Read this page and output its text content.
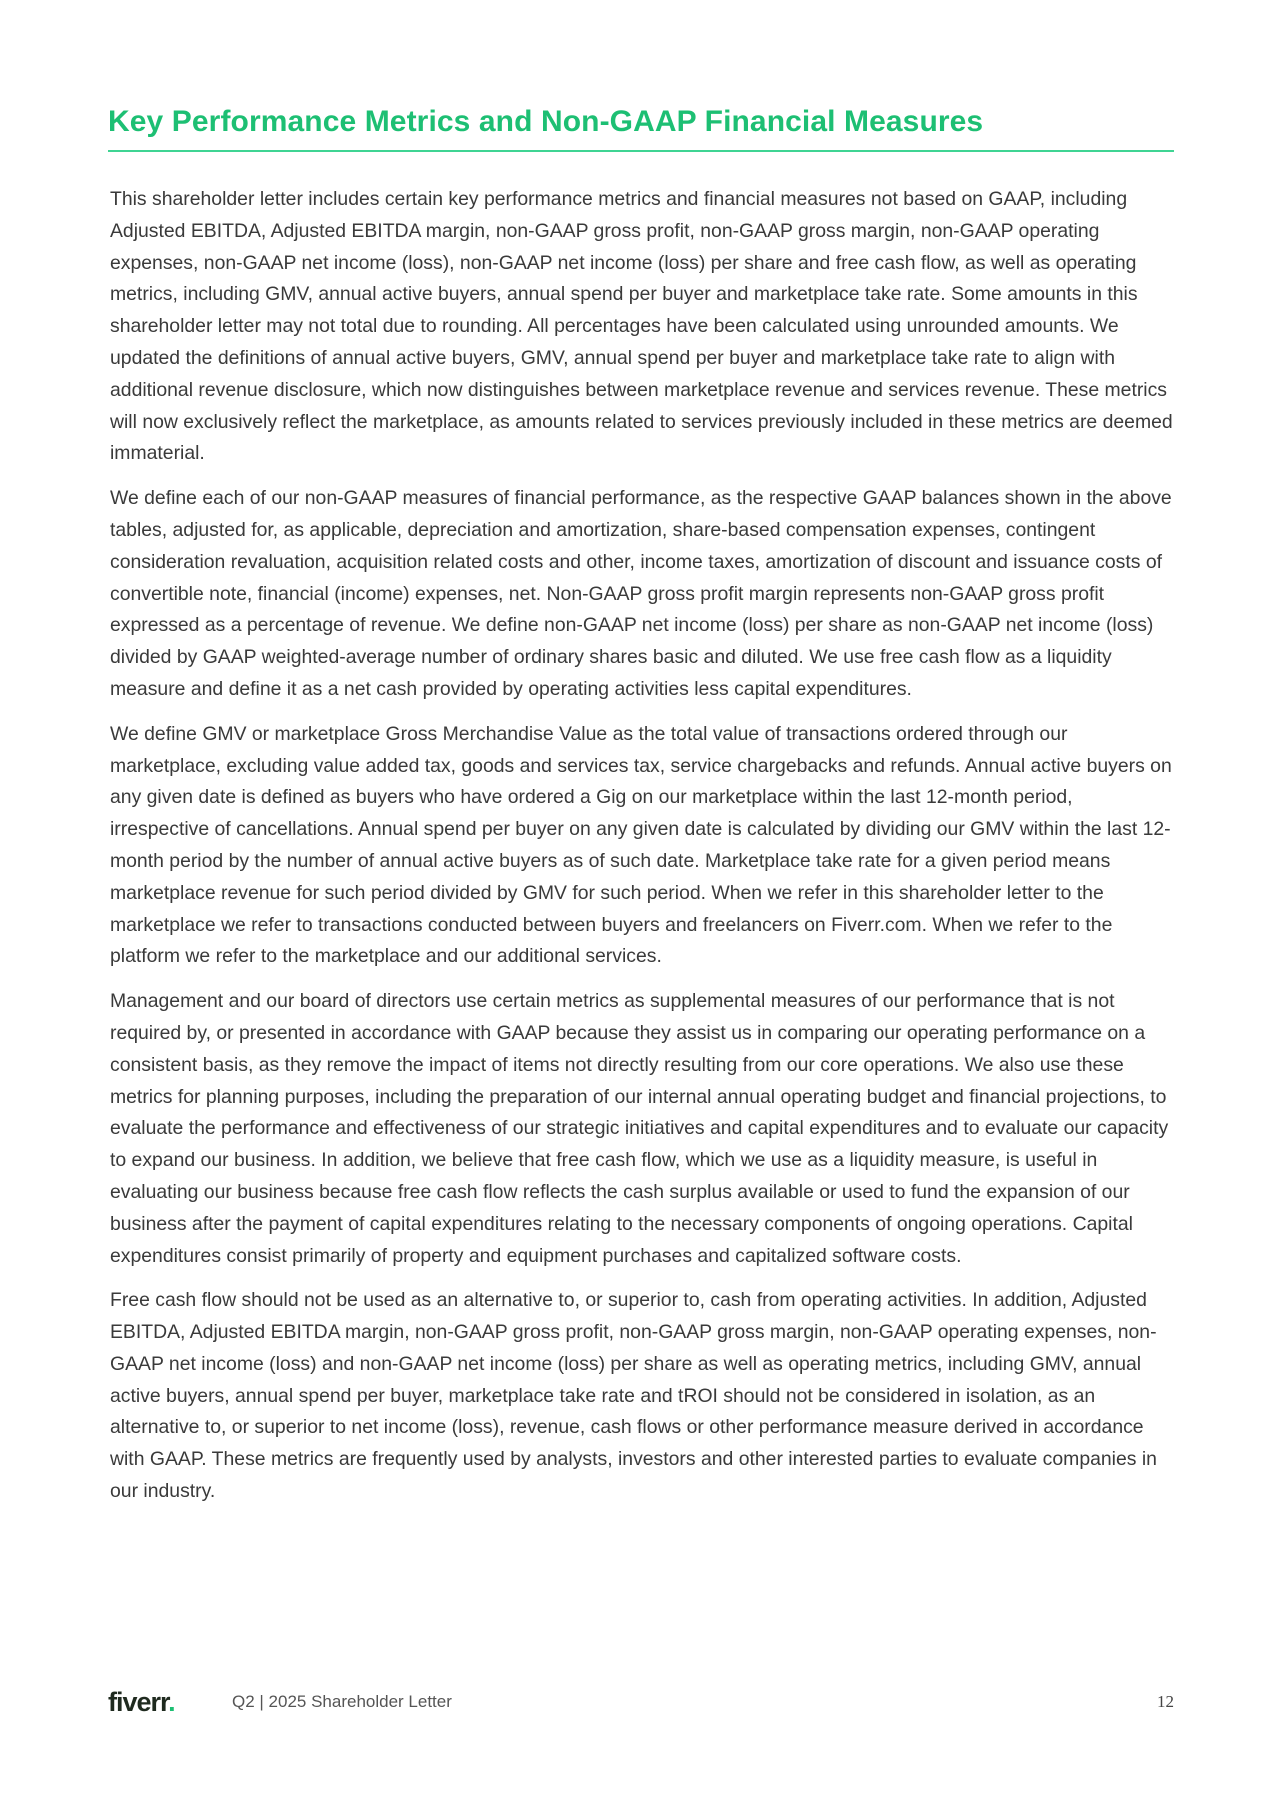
Key Performance Metrics and Non-GAAP Financial Measures

This shareholder letter includes certain key performance metrics and financial measures not based on GAAP, including Adjusted EBITDA, Adjusted EBITDA margin, non-GAAP gross profit, non-GAAP gross margin, non-GAAP operating expenses, non-GAAP net income (loss), non-GAAP net income (loss) per share and free cash flow, as well as operating metrics, including GMV, annual active buyers, annual spend per buyer and marketplace take rate. Some amounts in this shareholder letter may not total due to rounding. All percentages have been calculated using unrounded amounts. We updated the definitions of annual active buyers, GMV, annual spend per buyer and marketplace take rate to align with additional revenue disclosure, which now distinguishes between marketplace revenue and services revenue. These metrics will now exclusively reflect the marketplace, as amounts related to services previously included in these metrics are deemed immaterial.

We define each of our non-GAAP measures of financial performance, as the respective GAAP balances shown in the above tables, adjusted for, as applicable, depreciation and amortization, share-based compensation expenses, contingent consideration revaluation, acquisition related costs and other, income taxes, amortization of discount and issuance costs of convertible note, financial (income) expenses, net. Non-GAAP gross profit margin represents non-GAAP gross profit expressed as a percentage of revenue. We define non-GAAP net income (loss) per share as non-GAAP net income (loss) divided by GAAP weighted-average number of ordinary shares basic and diluted. We use free cash flow as a liquidity measure and define it as a net cash provided by operating activities less capital expenditures.

We define GMV or marketplace Gross Merchandise Value as the total value of transactions ordered through our marketplace, excluding value added tax, goods and services tax, service chargebacks and refunds. Annual active buyers on any given date is defined as buyers who have ordered a Gig on our marketplace within the last 12-month period, irrespective of cancellations. Annual spend per buyer on any given date is calculated by dividing our GMV within the last 12-month period by the number of annual active buyers as of such date. Marketplace take rate for a given period means marketplace revenue for such period divided by GMV for such period. When we refer in this shareholder letter to the marketplace we refer to transactions conducted between buyers and freelancers on Fiverr.com. When we refer to the platform we refer to the marketplace and our additional services.

Management and our board of directors use certain metrics as supplemental measures of our performance that is not required by, or presented in accordance with GAAP because they assist us in comparing our operating performance on a consistent basis, as they remove the impact of items not directly resulting from our core operations. We also use these metrics for planning purposes, including the preparation of our internal annual operating budget and financial projections, to evaluate the performance and effectiveness of our strategic initiatives and capital expenditures and to evaluate our capacity to expand our business. In addition, we believe that free cash flow, which we use as a liquidity measure, is useful in evaluating our business because free cash flow reflects the cash surplus available or used to fund the expansion of our business after the payment of capital expenditures relating to the necessary components of ongoing operations. Capital expenditures consist primarily of property and equipment purchases and capitalized software costs.

Free cash flow should not be used as an alternative to, or superior to, cash from operating activities. In addition, Adjusted EBITDA, Adjusted EBITDA margin, non-GAAP gross profit, non-GAAP gross margin, non-GAAP operating expenses, non-GAAP net income (loss) and non-GAAP net income (loss) per share as well as operating metrics, including GMV, annual active buyers, annual spend per buyer, marketplace take rate and tROI should not be considered in isolation, as an alternative to, or superior to net income (loss), revenue, cash flows or other performance measure derived in accordance with GAAP. These metrics are frequently used by analysts, investors and other interested parties to evaluate companies in our industry.

fiverr.	Q2 | 2025 Shareholder Letter	12
